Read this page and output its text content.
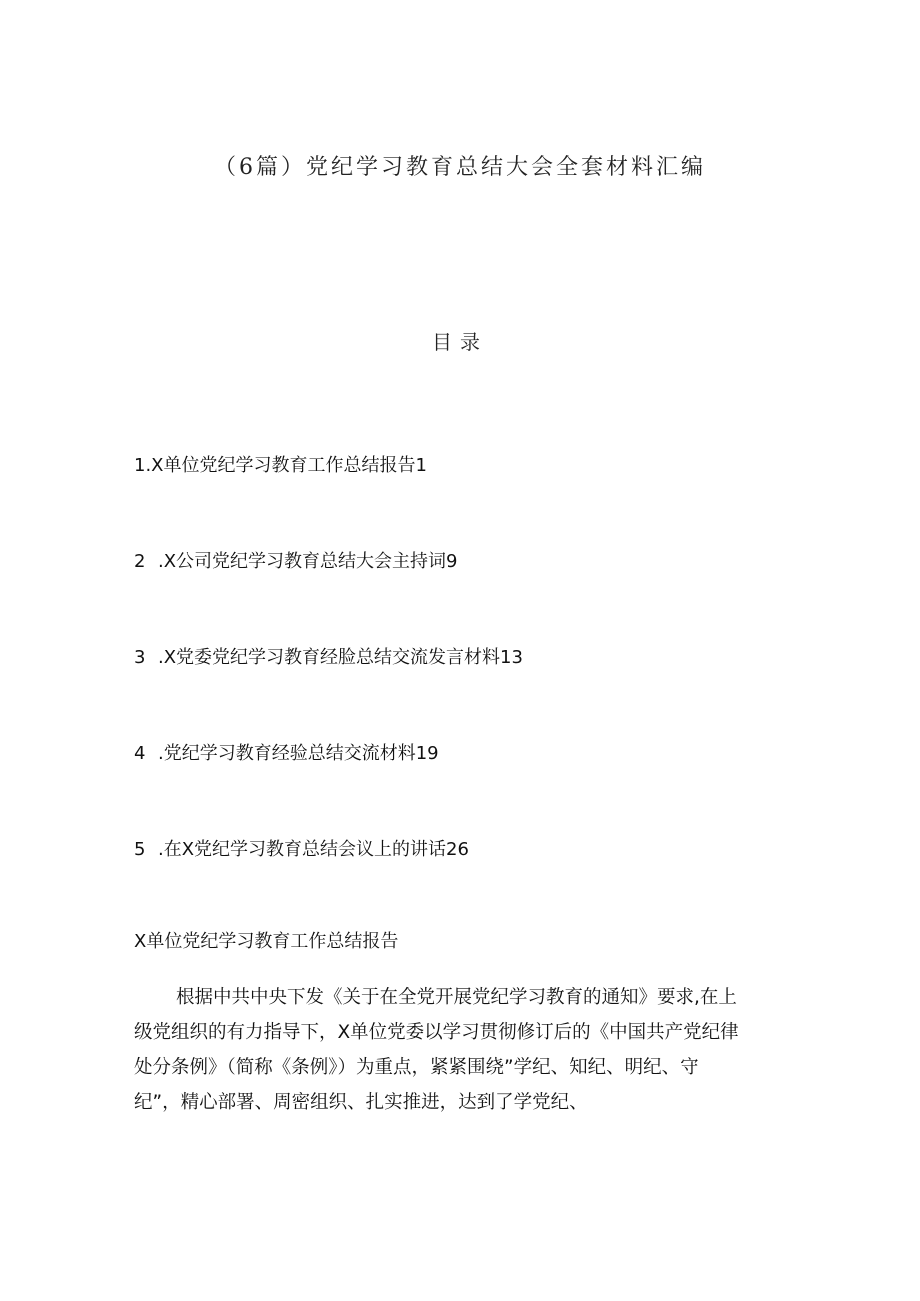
（6篇）党纪学习教育总结大会全套材料汇编
目录
1.X单位党纪学习教育工作总结报告1
2 .X公司党纪学习教育总结大会主持词9
3 .X党委党纪学习教育经脸总结交流发言材料13
4 .党纪学习教育经验总结交流材料19
5 .在X党纪学习教育总结会议上的讲话26
X单位党纪学习教育工作总结报告

根据中共中央下发《关于在全党开展党纪学习教育的通知》要求,在上
级党组织的有力指导下，X单位党委以学习贯彻修订后的《中国共产党纪律
处分条例》（简称《条例》）为重点，紧紧围绕”学纪、知纪、明纪、守
纪”，精心部署、周密组织、扎实推进，达到了学党纪、
